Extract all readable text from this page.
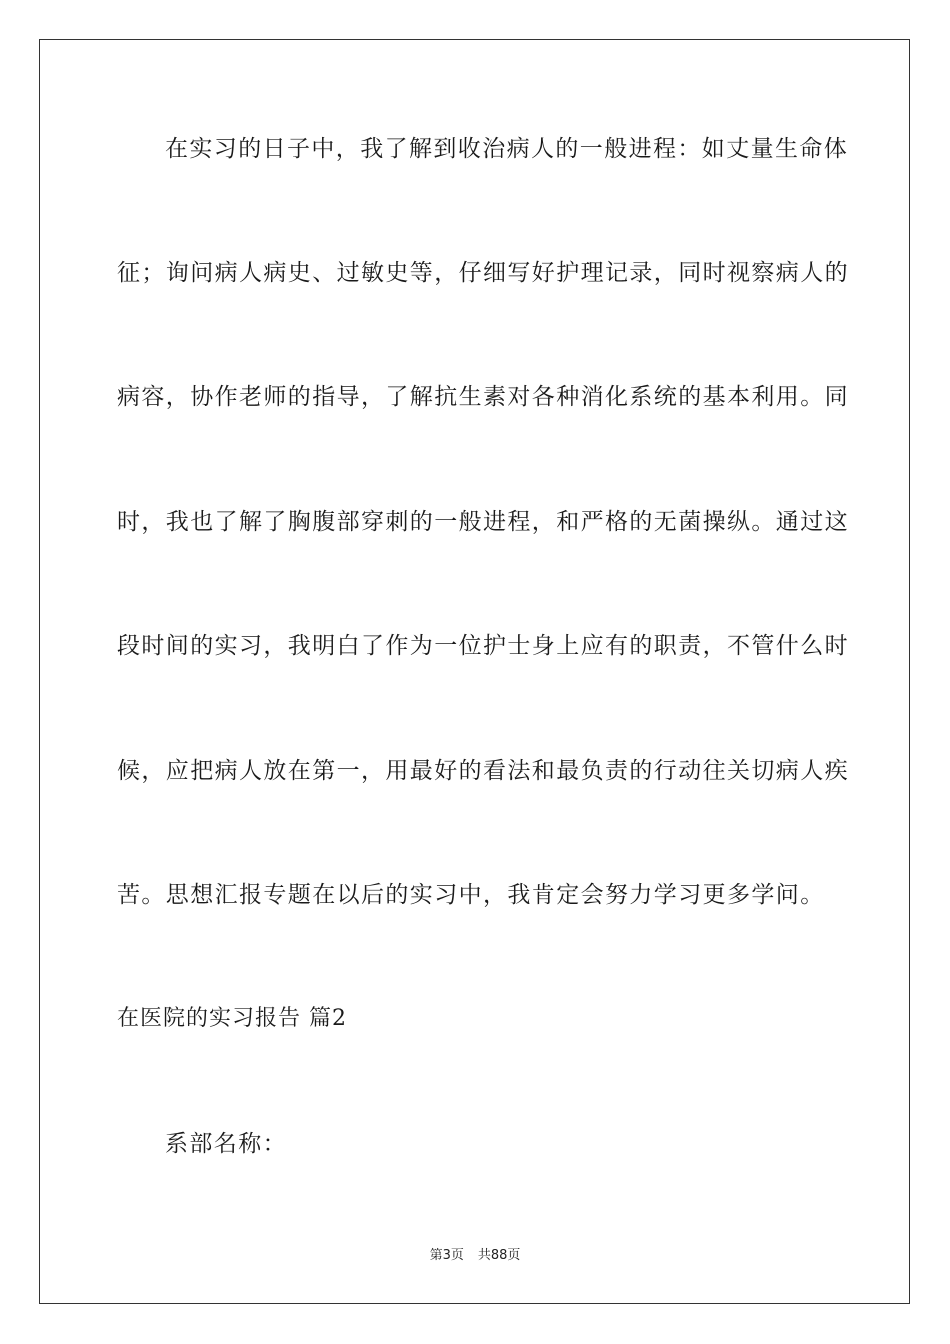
在实习的日子中，我了解到收治病人的一般进程：如丈量生命体
征；询问病人病史、过敏史等，仔细写好护理记录，同时视察病人的
病容，协作老师的指导，了解抗生素对各种消化系统的基本利用。同
时，我也了解了胸腹部穿刺的一般进程，和严格的无菌操纵。通过这
段时间的实习，我明白了作为一位护士身上应有的职责，不管什么时
候，应把病人放在第一，用最好的看法和最负责的行动往关切病人疾
苦。思想汇报专题在以后的实习中，我肯定会努力学习更多学问。
在医院的实习报告 篇2
系部名称：
第3页 共88页
